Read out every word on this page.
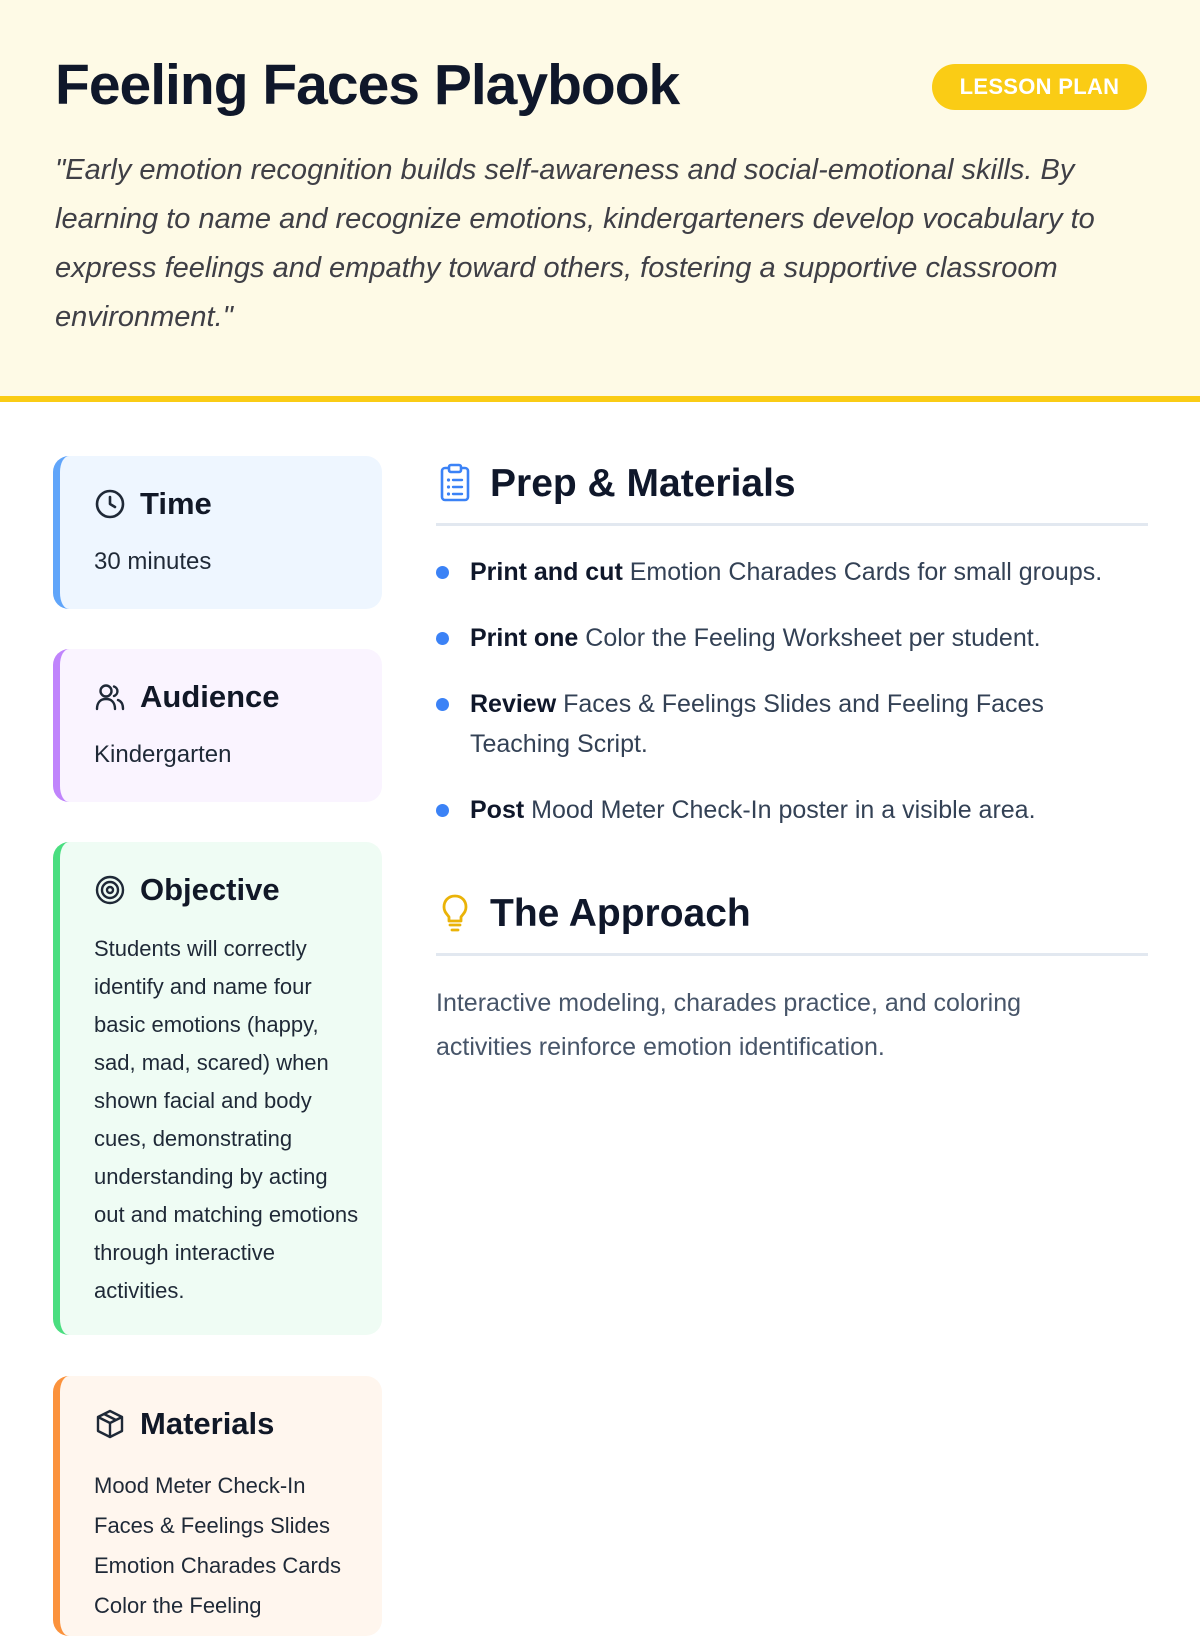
Feeling Faces Playbook	LESSON PLAN

"Early emotion recognition builds self-awareness and social-emotional skills. By learning to name and recognize emotions, kindergarteners develop vocabulary to express feelings and empathy toward others, fostering a supportive classroom environment."

Time
30 minutes
Audience
Kindergarten
Objective
Students will correctly identify and name four basic emotions (happy, sad, mad, scared) when shown facial and body cues, demonstrating understanding by acting out and matching emotions through interactive activities.
Materials
Mood Meter Check-In
Faces & Feelings Slides
Emotion Charades Cards
Color the Feeling
Prep & Materials
Print and cut Emotion Charades Cards for small groups.
Print one Color the Feeling Worksheet per student.
Review Faces & Feelings Slides and Feeling Faces Teaching Script.
Post Mood Meter Check-In poster in a visible area.
The Approach

Interactive modeling, charades practice, and coloring activities reinforce emotion identification.
